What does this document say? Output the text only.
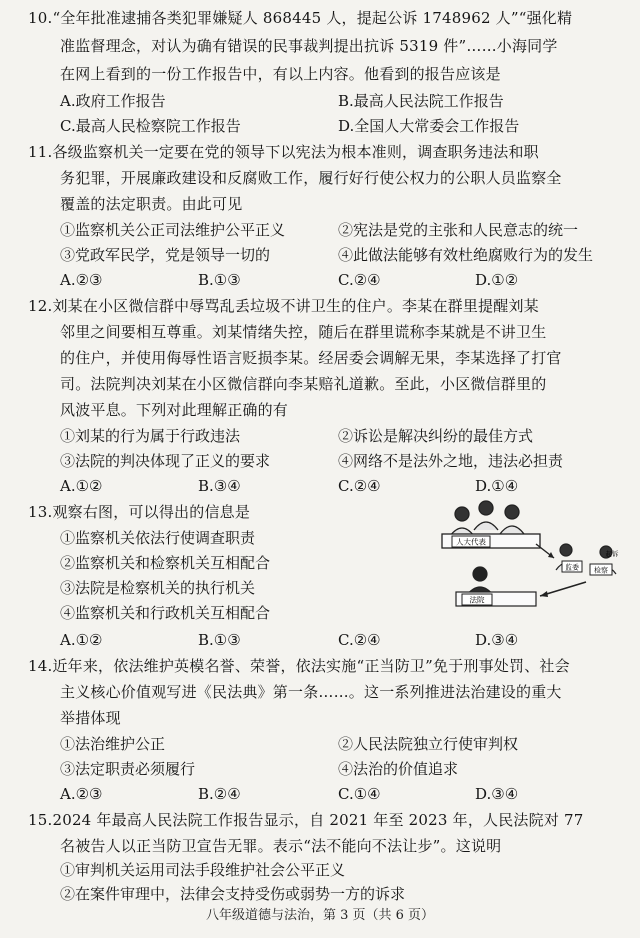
10.“全年批准逮捕各类犯罪嫌疑人 868445 人，提起公诉 1748962 人”“强化精
准监督理念，对认为确有错误的民事裁判提出抗诉 5319 件”……小海同学
在网上看到的一份工作报告中，有以上内容。他看到的报告应该是
A.政府工作报告	B.最高人民法院工作报告
C.最高人民检察院工作报告	D.全国人大常委会工作报告
11.各级监察机关一定要在党的领导下以宪法为根本准则，调查职务违法和职
务犯罪，开展廉政建设和反腐败工作，履行好行使公权力的公职人员监察全
覆盖的法定职责。由此可见
①监察机关公正司法维护公平正义	②宪法是党的主张和人民意志的统一
③党政军民学，党是领导一切的	④此做法能够有效杜绝腐败行为的发生
A.②③	B.①③	C.②④	D.①②
12.刘某在小区微信群中辱骂乱丢垃圾不讲卫生的住户。李某在群里提醒刘某
邻里之间要相互尊重。刘某情绪失控，随后在群里谎称李某就是不讲卫生
的住户，并使用侮辱性语言贬损李某。经居委会调解无果，李某选择了打官
司。法院判决刘某在小区微信群向李某赔礼道歉。至此，小区微信群里的
风波平息。下列对此理解正确的有
①刘某的行为属于行政违法	②诉讼是解决纠纷的最佳方式
③法院的判决体现了正义的要求	④网络不是法外之地，违法必担责
A.①②	B.③④	C.②④	D.①④
13.观察右图，可以得出的信息是
①监察机关依法行使调查职责
②监察机关和检察机关互相配合
③法院是检察机关的执行机关
④监察机关和行政机关互相配合
A.①②	B.①③	C.②④	D.③④
人大代表
监委 检察
起诉
法院
14.近年来，依法维护英模名誉、荣誉，依法实施“正当防卫”免于刑事处罚、社会
主义核心价值观写进《民法典》第一条……。这一系列推进法治建设的重大
举措体现
①法治维护公正	②人民法院独立行使审判权
③法定职责必须履行	④法治的价值追求
A.②③	B.②④	C.①④	D.③④
15.2024 年最高人民法院工作报告显示，自 2021 年至 2023 年，人民法院对 77
名被告人以正当防卫宣告无罪。表示“法不能向不法让步”。这说明
①审判机关运用司法手段维护社会公平正义
②在案件审理中，法律会支持受伤或弱势一方的诉求
八年级道德与法治，第 3 页（共 6 页）
